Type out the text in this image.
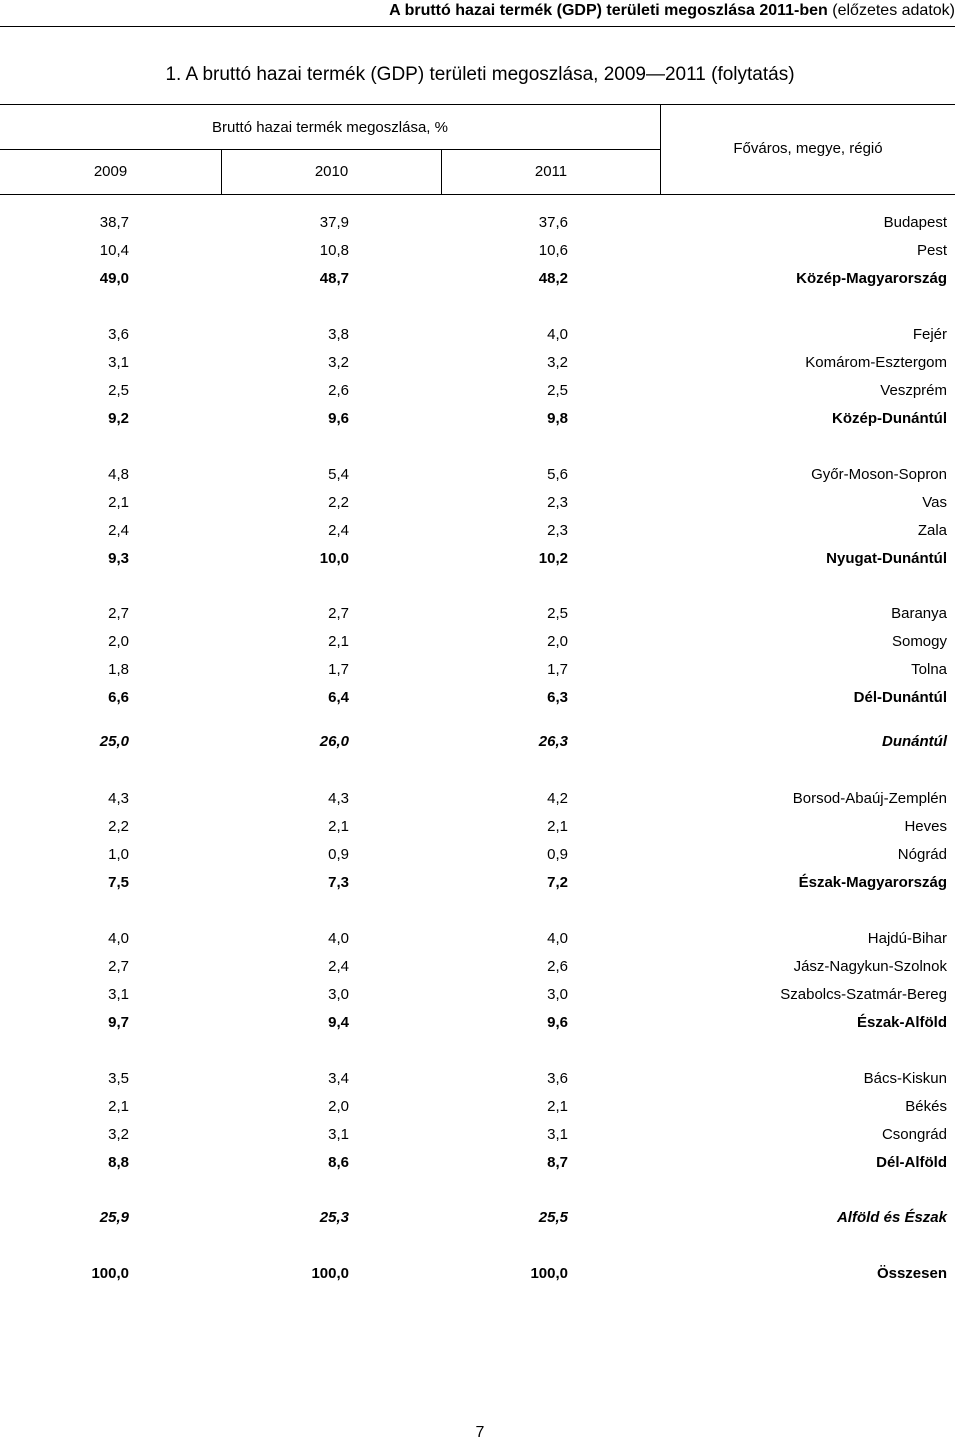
A bruttó hazai termék (GDP) területi megoszlása 2011-ben (előzetes adatok)
1. A bruttó hazai termék (GDP) területi megoszlása, 2009—2011 (folytatás)
Bruttó hazai termék megoszlása, %
2009	2010	2011
Főváros, megye, régió
38,7	37,9	37,6	Budapest
10,4	10,8	10,6	Pest
49,0	48,7	48,2	Közép-Magyarország
3,6	3,8	4,0	Fejér
3,1	3,2	3,2	Komárom-Esztergom
2,5	2,6	2,5	Veszprém
9,2	9,6	9,8	Közép-Dunántúl
4,8	5,4	5,6	Győr-Moson-Sopron
2,1	2,2	2,3	Vas
2,4	2,4	2,3	Zala
9,3	10,0	10,2	Nyugat-Dunántúl
2,7	2,7	2,5	Baranya
2,0	2,1	2,0	Somogy
1,8	1,7	1,7	Tolna
6,6	6,4	6,3	Dél-Dunántúl
25,0	26,0	26,3	Dunántúl
4,3	4,3	4,2	Borsod-Abaúj-Zemplén
2,2	2,1	2,1	Heves
1,0	0,9	0,9	Nógrád
7,5	7,3	7,2	Észak-Magyarország
4,0	4,0	4,0	Hajdú-Bihar
2,7	2,4	2,6	Jász-Nagykun-Szolnok
3,1	3,0	3,0	Szabolcs-Szatmár-Bereg
9,7	9,4	9,6	Észak-Alföld
3,5	3,4	3,6	Bács-Kiskun
2,1	2,0	2,1	Békés
3,2	3,1	3,1	Csongrád
8,8	8,6	8,7	Dél-Alföld
25,9	25,3	25,5	Alföld és Észak
100,0	100,0	100,0	Összesen
7
